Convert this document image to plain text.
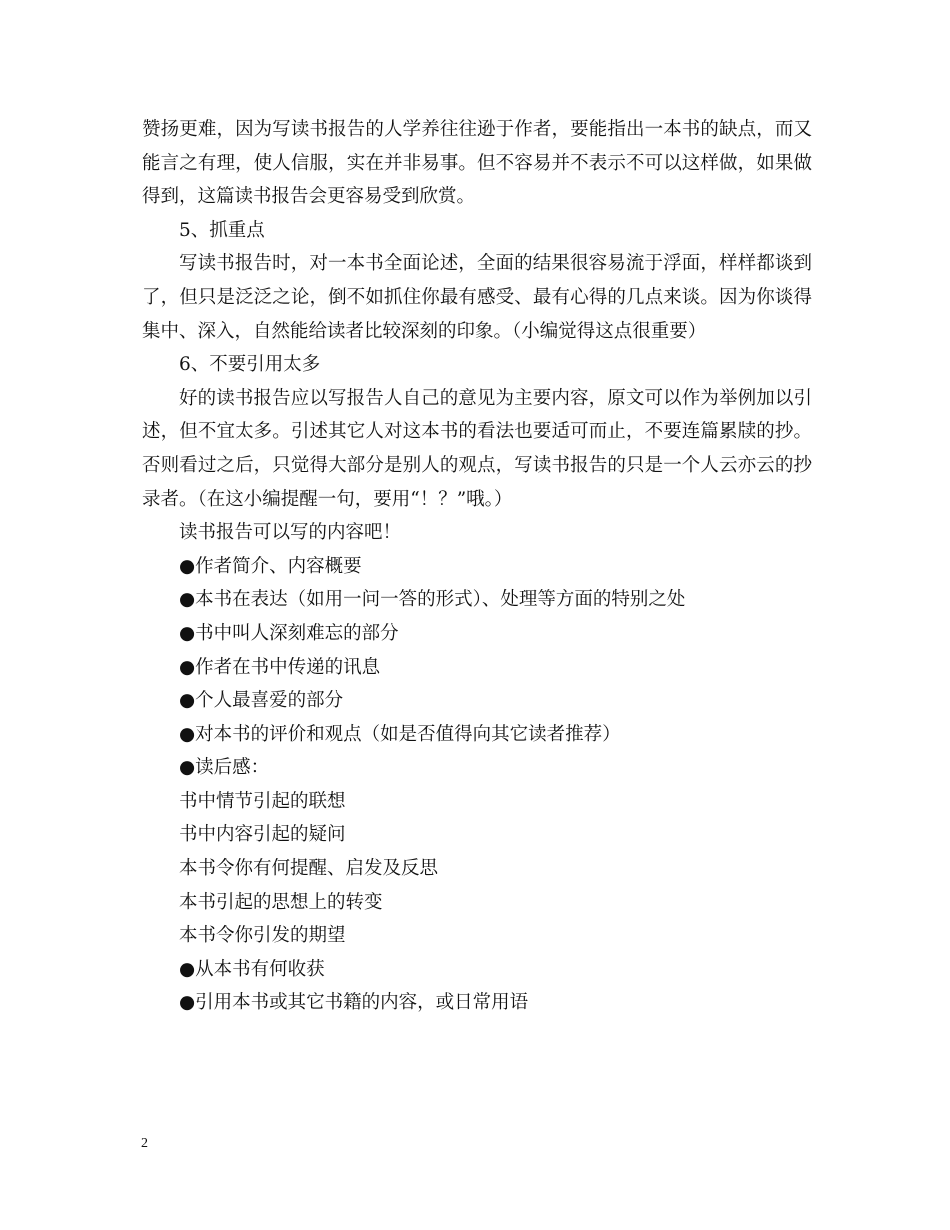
赞扬更难，因为写读书报告的人学养往往逊于作者，要能指出一本书的缺点，而又能言之有理，使人信服，实在并非易事。但不容易并不表示不可以这样做，如果做得到，这篇读书报告会更容易受到欣赏。

5、抓重点

写读书报告时，对一本书全面论述，全面的结果很容易流于浮面，样样都谈到了，但只是泛泛之论，倒不如抓住你最有感受、最有心得的几点来谈。因为你谈得集中、深入，自然能给读者比较深刻的印象。（小编觉得这点很重要）

6、不要引用太多

好的读书报告应以写报告人自己的意见为主要内容，原文可以作为举例加以引述，但不宜太多。引述其它人对这本书的看法也要适可而止，不要连篇累牍的抄。否则看过之后，只觉得大部分是别人的观点，写读书报告的只是一个人云亦云的抄录者。（在这小编提醒一句，要用“！？”哦。）

读书报告可以写的内容吧！

●作者简介、内容概要

●本书在表达（如用一问一答的形式）、处理等方面的特别之处

●书中叫人深刻难忘的部分

●作者在书中传递的讯息

●个人最喜爱的部分

●对本书的评价和观点（如是否值得向其它读者推荐）

●读后感：

书中情节引起的联想

书中内容引起的疑问

本书令你有何提醒、启发及反思

本书引起的思想上的转变

本书令你引发的期望

●从本书有何收获

●引用本书或其它书籍的内容，或日常用语

2
